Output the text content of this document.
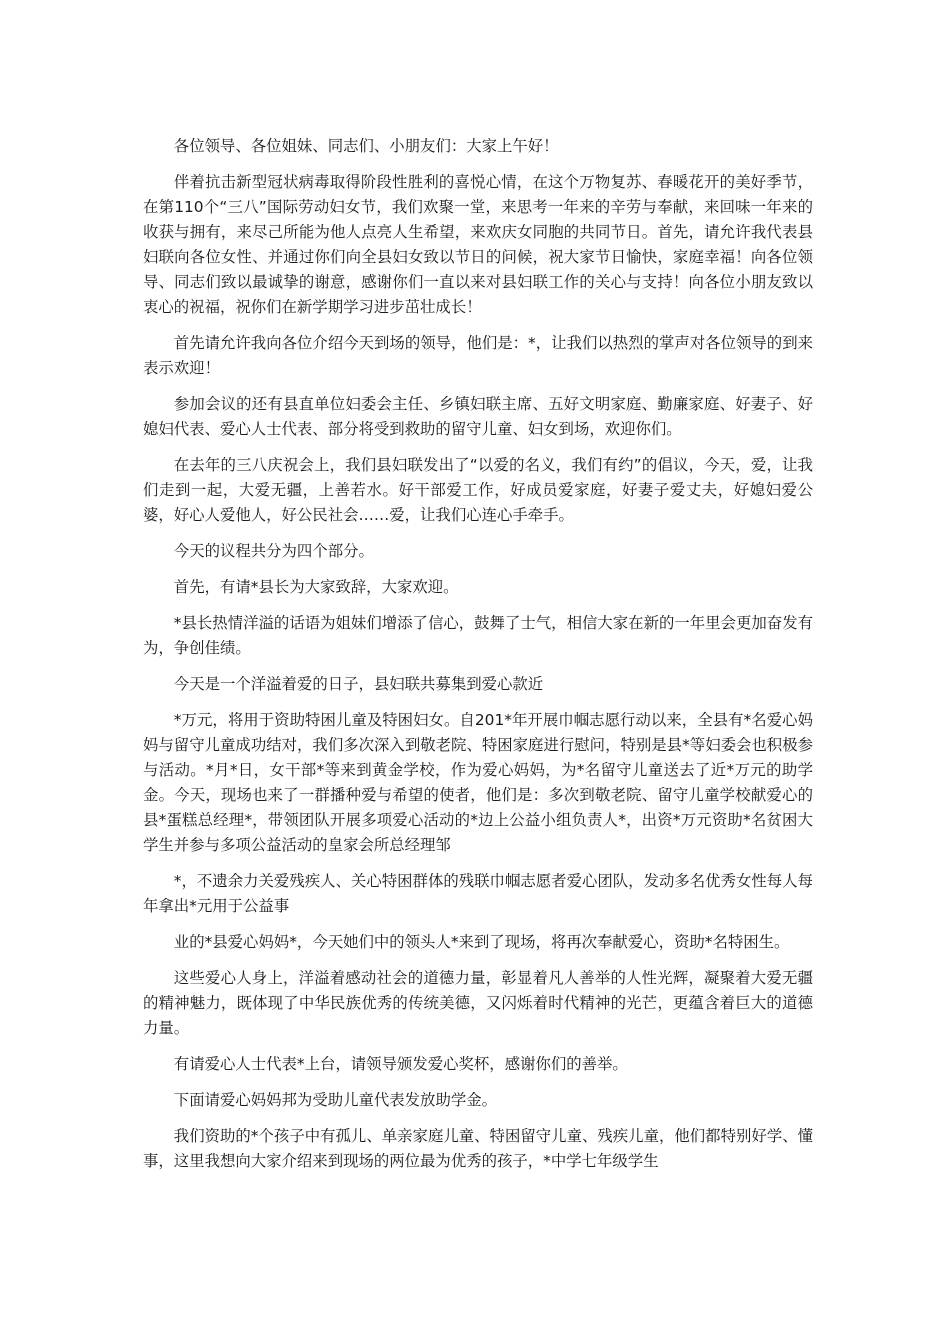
各位领导、各位姐妹、同志们、小朋友们：大家上午好！

伴着抗击新型冠状病毒取得阶段性胜利的喜悦心情，在这个万物复苏、春暖花开的美好季节，在第110个“三八”国际劳动妇女节，我们欢聚一堂，来思考一年来的辛劳与奉献，来回味一年来的收获与拥有，来尽己所能为他人点亮人生希望，来欢庆女同胞的共同节日。首先，请允许我代表县妇联向各位女性、并通过你们向全县妇女致以节日的问候，祝大家节日愉快，家庭幸福！向各位领导、同志们致以最诚挚的谢意，感谢你们一直以来对县妇联工作的关心与支持！向各位小朋友致以衷心的祝福，祝你们在新学期学习进步茁壮成长！

首先请允许我向各位介绍今天到场的领导，他们是：*，让我们以热烈的掌声对各位领导的到来表示欢迎！

参加会议的还有县直单位妇委会主任、乡镇妇联主席、五好文明家庭、勤廉家庭、好妻子、好媳妇代表、爱心人士代表、部分将受到救助的留守儿童、妇女到场，欢迎你们。

在去年的三八庆祝会上，我们县妇联发出了“以爱的名义，我们有约”的倡议，今天，爱，让我们走到一起，大爱无疆，上善若水。好干部爱工作，好成员爱家庭，好妻子爱丈夫，好媳妇爱公婆，好心人爱他人，好公民社会……爱，让我们心连心手牵手。

今天的议程共分为四个部分。

首先，有请*县长为大家致辞，大家欢迎。

*县长热情洋溢的话语为姐妹们增添了信心，鼓舞了士气，相信大家在新的一年里会更加奋发有为，争创佳绩。

今天是一个洋溢着爱的日子，县妇联共募集到爱心款近

*万元，将用于资助特困儿童及特困妇女。自201*年开展巾帼志愿行动以来，全县有*名爱心妈妈与留守儿童成功结对，我们多次深入到敬老院、特困家庭进行慰问，特别是县*等妇委会也积极参与活动。*月*日，女干部*等来到黄金学校，作为爱心妈妈，为*名留守儿童送去了近*万元的助学金。今天，现场也来了一群播种爱与希望的使者，他们是：多次到敬老院、留守儿童学校献爱心的县*蛋糕总经理*，带领团队开展多项爱心活动的*边上公益小组负责人*，出资*万元资助*名贫困大学生并参与多项公益活动的皇家会所总经理邹

*，不遗余力关爱残疾人、关心特困群体的残联巾帼志愿者爱心团队，发动多名优秀女性每人每年拿出*元用于公益事

业的*县爱心妈妈*，今天她们中的领头人*来到了现场，将再次奉献爱心，资助*名特困生。

这些爱心人身上，洋溢着感动社会的道德力量，彰显着凡人善举的人性光辉，凝聚着大爱无疆的精神魅力，既体现了中华民族优秀的传统美德，又闪烁着时代精神的光芒，更蕴含着巨大的道德力量。

有请爱心人士代表*上台，请领导颁发爱心奖杯，感谢你们的善举。

下面请爱心妈妈邦为受助儿童代表发放助学金。

我们资助的*个孩子中有孤儿、单亲家庭儿童、特困留守儿童、残疾儿童，他们都特别好学、懂事，这里我想向大家介绍来到现场的两位最为优秀的孩子，*中学七年级学生
